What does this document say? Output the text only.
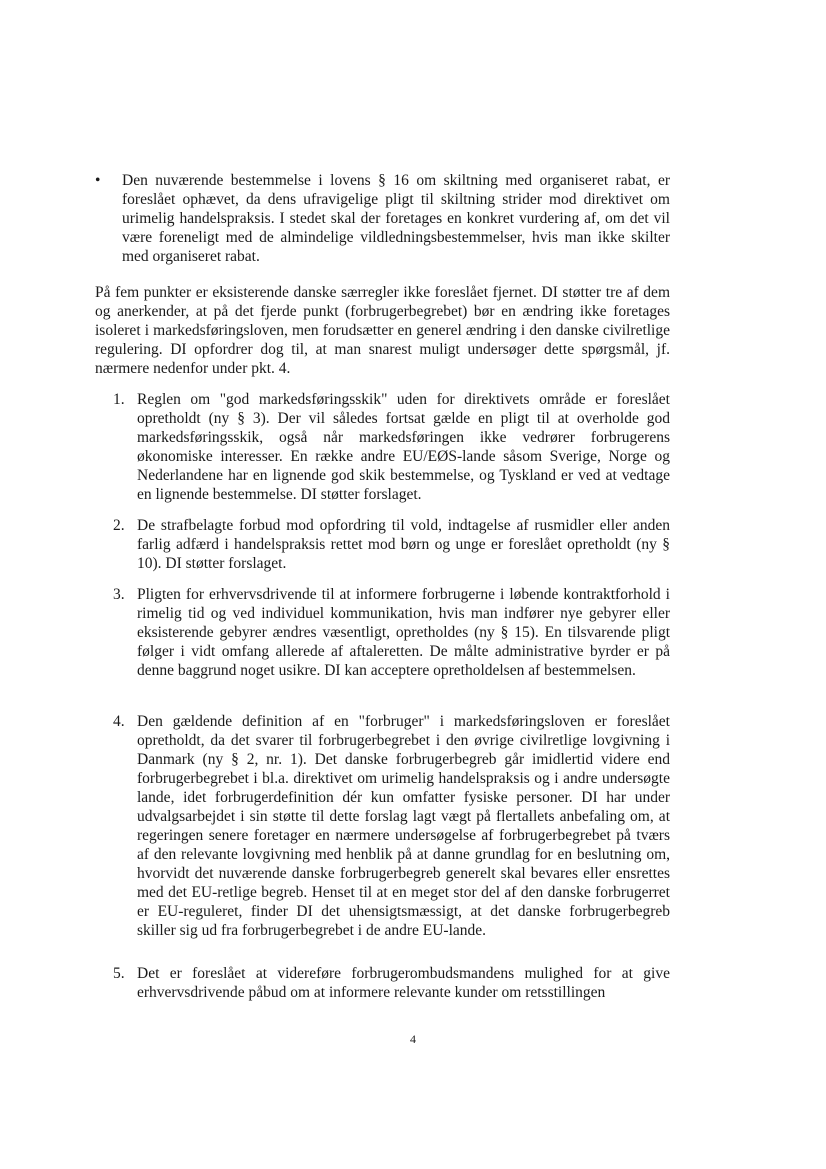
•	Den nuværende bestemmelse i lovens § 16 om skiltning med organiseret rabat, er foreslået ophævet, da dens ufravigelige pligt til skiltning strider mod direktivet om urimelig handelspraksis. I stedet skal der foretages en konkret vurdering af, om det vil være foreneligt med de almindelige vildledningsbestemmelser, hvis man ikke skilter med organiseret rabat.
På fem punkter er eksisterende danske særregler ikke foreslået fjernet. DI støtter tre af dem og anerkender, at på det fjerde punkt (forbrugerbegrebet) bør en ændring ikke foretages isoleret i markedsføringsloven, men forudsætter en generel ændring i den danske civilretlige regulering. DI opfordrer dog til, at man snarest muligt undersøger dette spørgsmål, jf. nærmere nedenfor under pkt. 4.
1. Reglen om "god markedsføringsskik" uden for direktivets område er foreslået opretholdt (ny § 3). Der vil således fortsat gælde en pligt til at overholde god markedsføringsskik, også når markedsføringen ikke vedrører forbrugerens økonomiske interesser. En række andre EU/EØS-lande såsom Sverige, Norge og Nederlandene har en lignende god skik bestemmelse, og Tyskland er ved at vedtage en lignende bestemmelse. DI støtter forslaget.
2. De strafbelagte forbud mod opfordring til vold, indtagelse af rusmidler eller anden farlig adfærd i handelspraksis rettet mod børn og unge er foreslået opretholdt (ny § 10). DI støtter forslaget.
3. Pligten for erhvervsdrivende til at informere forbrugerne i løbende kontraktforhold i rimelig tid og ved individuel kommunikation, hvis man indfører nye gebyrer eller eksisterende gebyrer ændres væsentligt, opretholdes (ny § 15). En tilsvarende pligt følger i vidt omfang allerede af aftaleretten. De målte administrative byrder er på denne baggrund noget usikre. DI kan acceptere opretholdelsen af bestemmelsen.
4. Den gældende definition af en "forbruger" i markedsføringsloven er foreslået opretholdt, da det svarer til forbrugerbegrebet i den øvrige civilretlige lovgivning i Danmark (ny § 2, nr. 1). Det danske forbrugerbegreb går imidlertid videre end forbrugerbegrebet i bl.a. direktivet om urimelig handelspraksis og i andre undersøgte lande, idet forbrugerdefinition dér kun omfatter fysiske personer. DI har under udvalgsarbejdet i sin støtte til dette forslag lagt vægt på flertallets anbefaling om, at regeringen senere foretager en nærmere undersøgelse af forbrugerbegrebet på tværs af den relevante lovgivning med henblik på at danne grundlag for en beslutning om, hvorvidt det nuværende danske forbrugerbegreb generelt skal bevares eller ensrettes med det EU-retlige begreb. Henset til at en meget stor del af den danske forbrugerret er EU-reguleret, finder DI det uhensigtsmæssigt, at det danske forbrugerbegreb skiller sig ud fra forbrugerbegrebet i de andre EU-lande.
5. Det er foreslået at videreføre forbrugerombudsmandens mulighed for at give erhvervsdrivende påbud om at informere relevante kunder om retsstillingen
4
